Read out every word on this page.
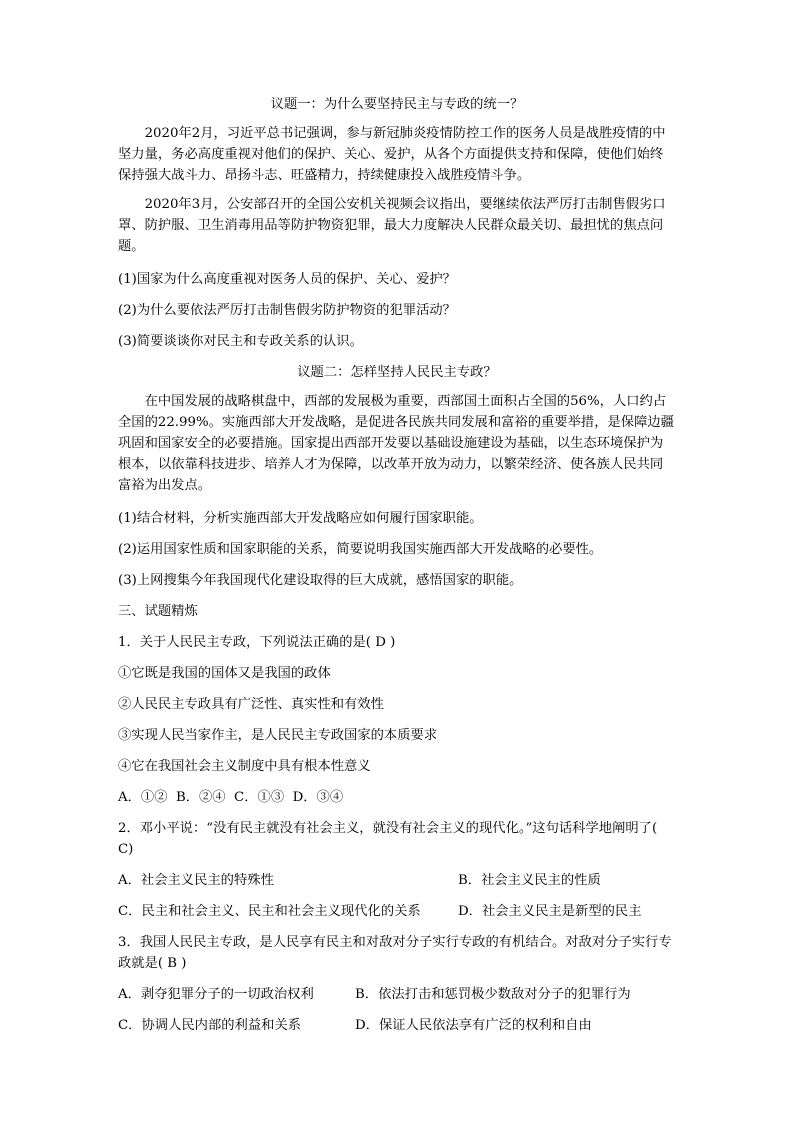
议题一：为什么要坚持民主与专政的统一？
2020年2月，习近平总书记强调，参与新冠肺炎疫情防控工作的医务人员是战胜疫情的中坚力量，务必高度重视对他们的保护、关心、爱护，从各个方面提供支持和保障，使他们始终保持强大战斗力、昂扬斗志、旺盛精力，持续健康投入战胜疫情斗争。
2020年3月，公安部召开的全国公安机关视频会议指出，要继续依法严厉打击制售假劣口罩、防护服、卫生消毒用品等防护物资犯罪，最大力度解决人民群众最关切、最担忧的焦点问题。
(1)国家为什么高度重视对医务人员的保护、关心、爱护？
(2)为什么要依法严厉打击制售假劣防护物资的犯罪活动？
(3)简要谈谈你对民主和专政关系的认识。
议题二：怎样坚持人民民主专政？
在中国发展的战略棋盘中，西部的发展极为重要，西部国土面积占全国的56%，人口约占全国的22.99%。实施西部大开发战略，是促进各民族共同发展和富裕的重要举措，是保障边疆巩固和国家安全的必要措施。国家提出西部开发要以基础设施建设为基础，以生态环境保护为根本，以依靠科技进步、培养人才为保障，以改革开放为动力，以繁荣经济、使各族人民共同富裕为出发点。
(1)结合材料，分析实施西部大开发战略应如何履行国家职能。
(2)运用国家性质和国家职能的关系，简要说明我国实施西部大开发战略的必要性。
(3)上网搜集今年我国现代化建设取得的巨大成就，感悟国家的职能。
三、试题精炼
1．关于人民民主专政，下列说法正确的是( D )
①它既是我国的国体又是我国的政体
②人民民主专政具有广泛性、真实性和有效性
③实现人民当家作主，是人民民主专政国家的本质要求
④它在我国社会主义制度中具有根本性意义
A．①②  B．②④  C．①③  D．③④
2．邓小平说：“没有民主就没有社会主义，就没有社会主义的现代化。”这句话科学地阐明了( C)
A．社会主义民主的特殊性	B．社会主义民主的性质
C．民主和社会主义、民主和社会主义现代化的关系	D．社会主义民主是新型的民主
3．我国人民民主专政，是人民享有民主和对敌对分子实行专政的有机结合。对敌对分子实行专政就是( B )
A．剥夺犯罪分子的一切政治权利	B．依法打击和惩罚极少数敌对分子的犯罪行为
C．协调人民内部的利益和关系	D．保证人民依法享有广泛的权利和自由
